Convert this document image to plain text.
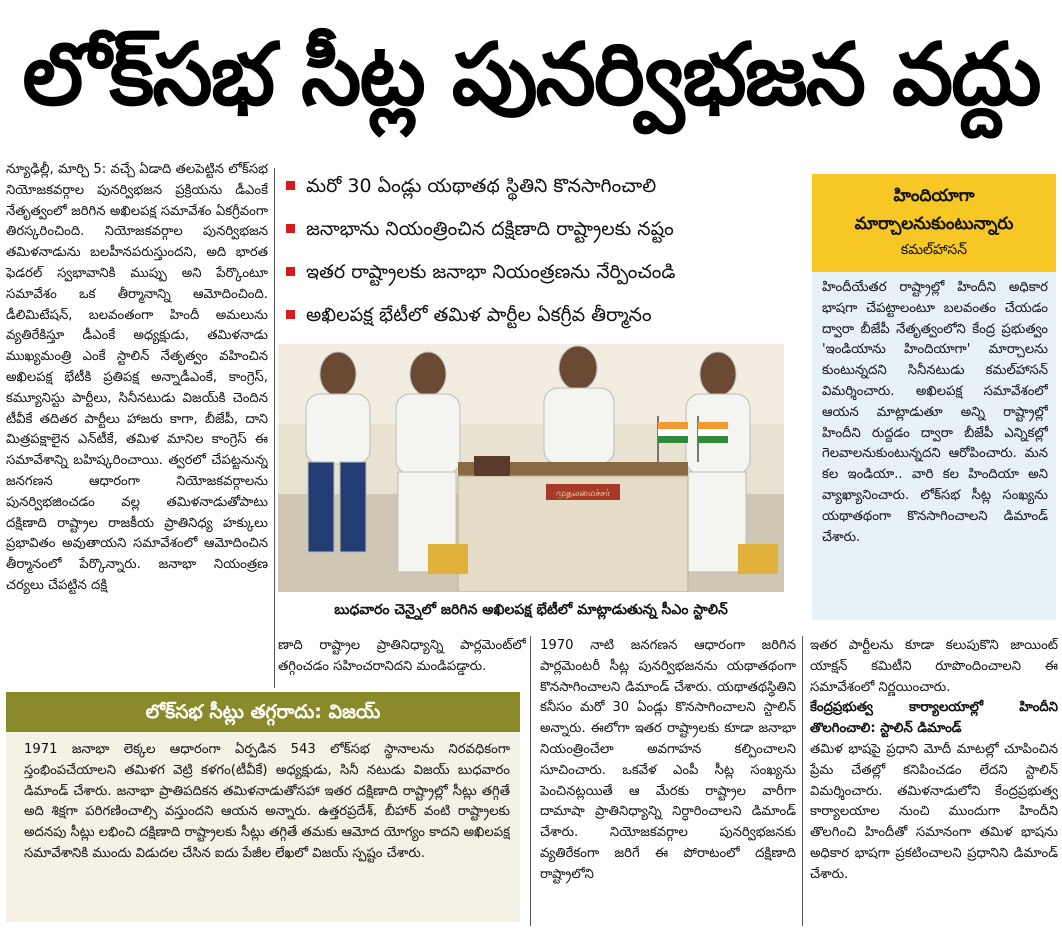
లోక్‌సభ సీట్ల పునర్విభజన వద్దు

న్యూఢిల్లీ, మార్చి 5: వచ్చే ఏడాది తలపెట్టిన లోక్‌సభ నియోజకవర్గాల పునర్విభజన ప్రక్రియను డీఎంకే నేతృత్వంలో జరిగిన అఖిలపక్ష సమావేశం ఏకగ్రీవంగా తిరస్కరించింది. నియోజకవర్గాల పునర్విభజన తమిళనాడును బలహీనపరుస్తుందని, అది భారత ఫెడరల్ స్వభావానికి ముప్పు అని పేర్కొంటూ సమావేశం ఒక తీర్మానాన్ని ఆమోదించింది. డీలిమిటేషన్, బలవంతంగా హిందీ అమలును వ్యతిరేకిస్తూ డీఎంకే అధ్యక్షుడు, తమిళనాడు ముఖ్యమంత్రి ఎంకే స్టాలిన్ నేతృత్వం వహించిన అఖిలపక్ష భేటీకి ప్రతిపక్ష అన్నాడీఎంకే, కాంగ్రెస్, కమ్యూనిస్టు పార్టీలు, సినీనటుడు విజయ్‌కి చెందిన టీవీకే తదితర పార్టీలు హాజరు కాగా, బీజేపీ, దాని మిత్రపక్షాలైన ఎన్‌టీకే, తమిళ మానిల కాంగ్రెస్ ఈ సమావేశాన్ని బహిష్కరించాయి. త్వరలో చేపట్టనున్న జనగణన ఆధారంగా నియోజకవర్గాలను పునర్విభజించడం వల్ల తమిళనాడుతోపాటు దక్షిణాది రాష్ట్రాల రాజకీయ ప్రాతినిధ్య హక్కులు ప్రభావితం అవుతాయని సమావేశంలో ఆమోదించిన తీర్మానంలో పేర్కొన్నారు. జనాభా నియంత్రణ చర్యలు చేపట్టిన దక్షి

మరో 30 ఏండ్లు యథాతథ స్థితిని కొనసాగించాలి
జనాభాను నియంత్రించిన దక్షిణాది రాష్ట్రాలకు నష్టం
ఇతర రాష్ట్రాలకు జనాభా నియంత్రణను నేర్పించండి
అఖిలపక్ష భేటీలో తమిళ పార్టీల ఏకగ్రీవ తీర్మానం
முதலமைச்சர்
బుధవారం చెన్నైలో జరిగిన అఖిలపక్ష భేటీలో మాట్లాడుతున్న సీఎం స్టాలిన్

ణాది రాష్ట్రాల ప్రాతినిధ్యాన్ని పార్లమెంట్‌లో తగ్గించడం సహించరానిదని మండిపడ్డారు.

1970 నాటి జనగణన ఆధారంగా జరిగిన పార్లమెంటరీ సీట్ల పునర్విభజనను యథాతథంగా కొనసాగించాలని డిమాండ్ చేశారు. యథాతథస్థితిని కనీసం మరో 30 ఏండ్లు కొనసాగించాలని స్టాలిన్ అన్నారు. ఈలోగా ఇతర రాష్ట్రాలకు కూడా జనాభా నియంత్రించేలా అవగాహన కల్పించాలని సూచించారు. ఒకవేళ ఎంపీ సీట్ల సంఖ్యను పెంచినట్లయితే ఆ మేరకు రాష్ట్రాల వారీగా దామాషా ప్రాతినిధ్యాన్ని నిర్ధారించాలని డిమాండ్ చేశారు. నియోజకవర్గాల పునర్విభజనకు వ్యతిరేకంగా జరిగే ఈ పోరాటంలో దక్షిణాది రాష్ట్రాలోని

ఇతర పార్టీలను కూడా కలుపుకొని జాయింట్ యాక్షన్ కమిటీని రూపొందించాలని ఈ సమావేశంలో నిర్ణయించారు.

కేంద్రప్రభుత్వ కార్యాలయాల్లో హిందీని తొలగించాలి: స్టాలిన్ డిమాండ్

తమిళ భాషపై ప్రధాని మోదీ మాటల్లో చూపించిన ప్రేమ చేతల్లో కనిపించడం లేదని స్టాలిన్ విమర్శించారు. తమిళనాడులోని కేంద్రప్రభుత్వ కార్యాలయాల నుంచి ముందుగా హిందీని తొలగించి హిందీతో సమానంగా తమిళ భాషను అధికార భాషగా ప్రకటించాలని ప్రధానిని డిమాండ్ చేశారు.

హిందియాగా మార్చాలనుకుంటున్నారు
కమల్‌హాసన్

హిందీయేతర రాష్ట్రాల్లో హిందీని అధికార భాషగా చేపట్టాలంటూ బలవంతం చేయడం ద్వారా బీజేపీ నేతృత్వంలోని కేంద్ర ప్రభుత్వం 'ఇండియాను హిందియాగా' మార్చాలను కుంటున్నదని సినీనటుడు కమల్‌హాసన్ విమర్శించారు. అఖిలపక్ష సమావేశంలో ఆయన మాట్లాడుతూ అన్ని రాష్ట్రాల్లో హిందీని రుద్దడం ద్వారా బీజేపీ ఎన్నికల్లో గెలవాలనుకుంటున్నదని ఆరోపించారు. మన కల ఇండియా.. వారి కల హిందియా అని వ్యాఖ్యానించారు. లోక్‌సభ సీట్ల సంఖ్యను యథాతథంగా కొనసాగించాలని డిమాండ్ చేశారు.

లోక్‌సభ సీట్లు తగ్గరాదు: విజయ్

1971 జనాభా లెక్కల ఆధారంగా ఏర్పడిన 543 లోక్‌సభ స్థానాలను నిరవధికంగా స్తంభింపచేయాలని తమిళగ వెట్రి కళగం(టీవీకే) అధ్యక్షుడు, సినీ నటుడు విజయ్ బుధవారం డిమాండ్ చేశారు. జనాభా ప్రాతిపదికన తమిళనాడుతోసహా ఇతర దక్షిణాది రాష్ట్రాల్లో సీట్లు తగ్గితే అది శిక్షగా పరిగణించాల్సి వస్తుందని ఆయన అన్నారు. ఉత్తరప్రదేశ్, బీహార్ వంటి రాష్ట్రాలకు అదనపు సీట్లు లభించి దక్షిణాది రాష్ట్రాలకు సీట్లు తగ్గితే తమకు ఆమోద యోగ్యం కాదని అఖిలపక్ష సమావేశానికి ముందు విడుదల చేసిన ఐదు పేజీల లేఖలో విజయ్ స్పష్టం చేశారు.
